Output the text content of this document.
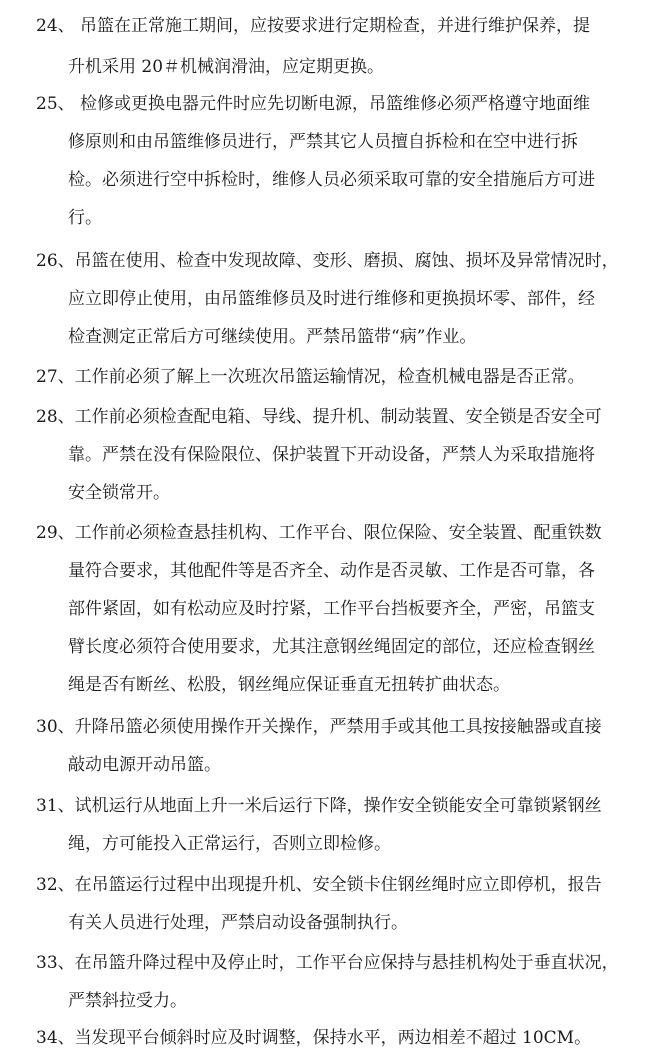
24、 吊篮在正常施工期间，应按要求进行定期检查，并进行维护保养，提
升机采用 20＃机械润滑油，应定期更换。
25、 检修或更换电器元件时应先切断电源，吊篮维修必须严格遵守地面维
修原则和由吊篮维修员进行，严禁其它人员擅自拆检和在空中进行拆
检。必须进行空中拆检时，维修人员必须采取可靠的安全措施后方可进
行。
26、吊篮在使用、检查中发现故障、变形、磨损、腐蚀、损坏及异常情况时，
应立即停止使用，由吊篮维修员及时进行维修和更换损坏零、部件，经
检查测定正常后方可继续使用。严禁吊篮带“病”作业。
27、工作前必须了解上一次班次吊篮运输情况，检查机械电器是否正常。
28、工作前必须检查配电箱、导线、提升机、制动装置、安全锁是否安全可
靠。严禁在没有保险限位、保护装置下开动设备，严禁人为采取措施将
安全锁常开。
29、工作前必须检查悬挂机构、工作平台、限位保险、安全装置、配重铁数
量符合要求，其他配件等是否齐全、动作是否灵敏、工作是否可靠，各
部件紧固，如有松动应及时拧紧，工作平台挡板要齐全，严密，吊篮支
臂长度必须符合使用要求，尤其注意钢丝绳固定的部位，还应检查钢丝
绳是否有断丝、松股，钢丝绳应保证垂直无扭转扩曲状态。
30、升降吊篮必须使用操作开关操作，严禁用手或其他工具按接触器或直接
敲动电源开动吊篮。
31、试机运行从地面上升一米后运行下降，操作安全锁能安全可靠锁紧钢丝
绳，方可能投入正常运行，否则立即检修。
32、在吊篮运行过程中出现提升机、安全锁卡住钢丝绳时应立即停机，报告
有关人员进行处理，严禁启动设备强制执行。
33、在吊篮升降过程中及停止时，工作平台应保持与悬挂机构处于垂直状况，
严禁斜拉受力。
34、当发现平台倾斜时应及时调整，保持水平，两边相差不超过 10CM。
